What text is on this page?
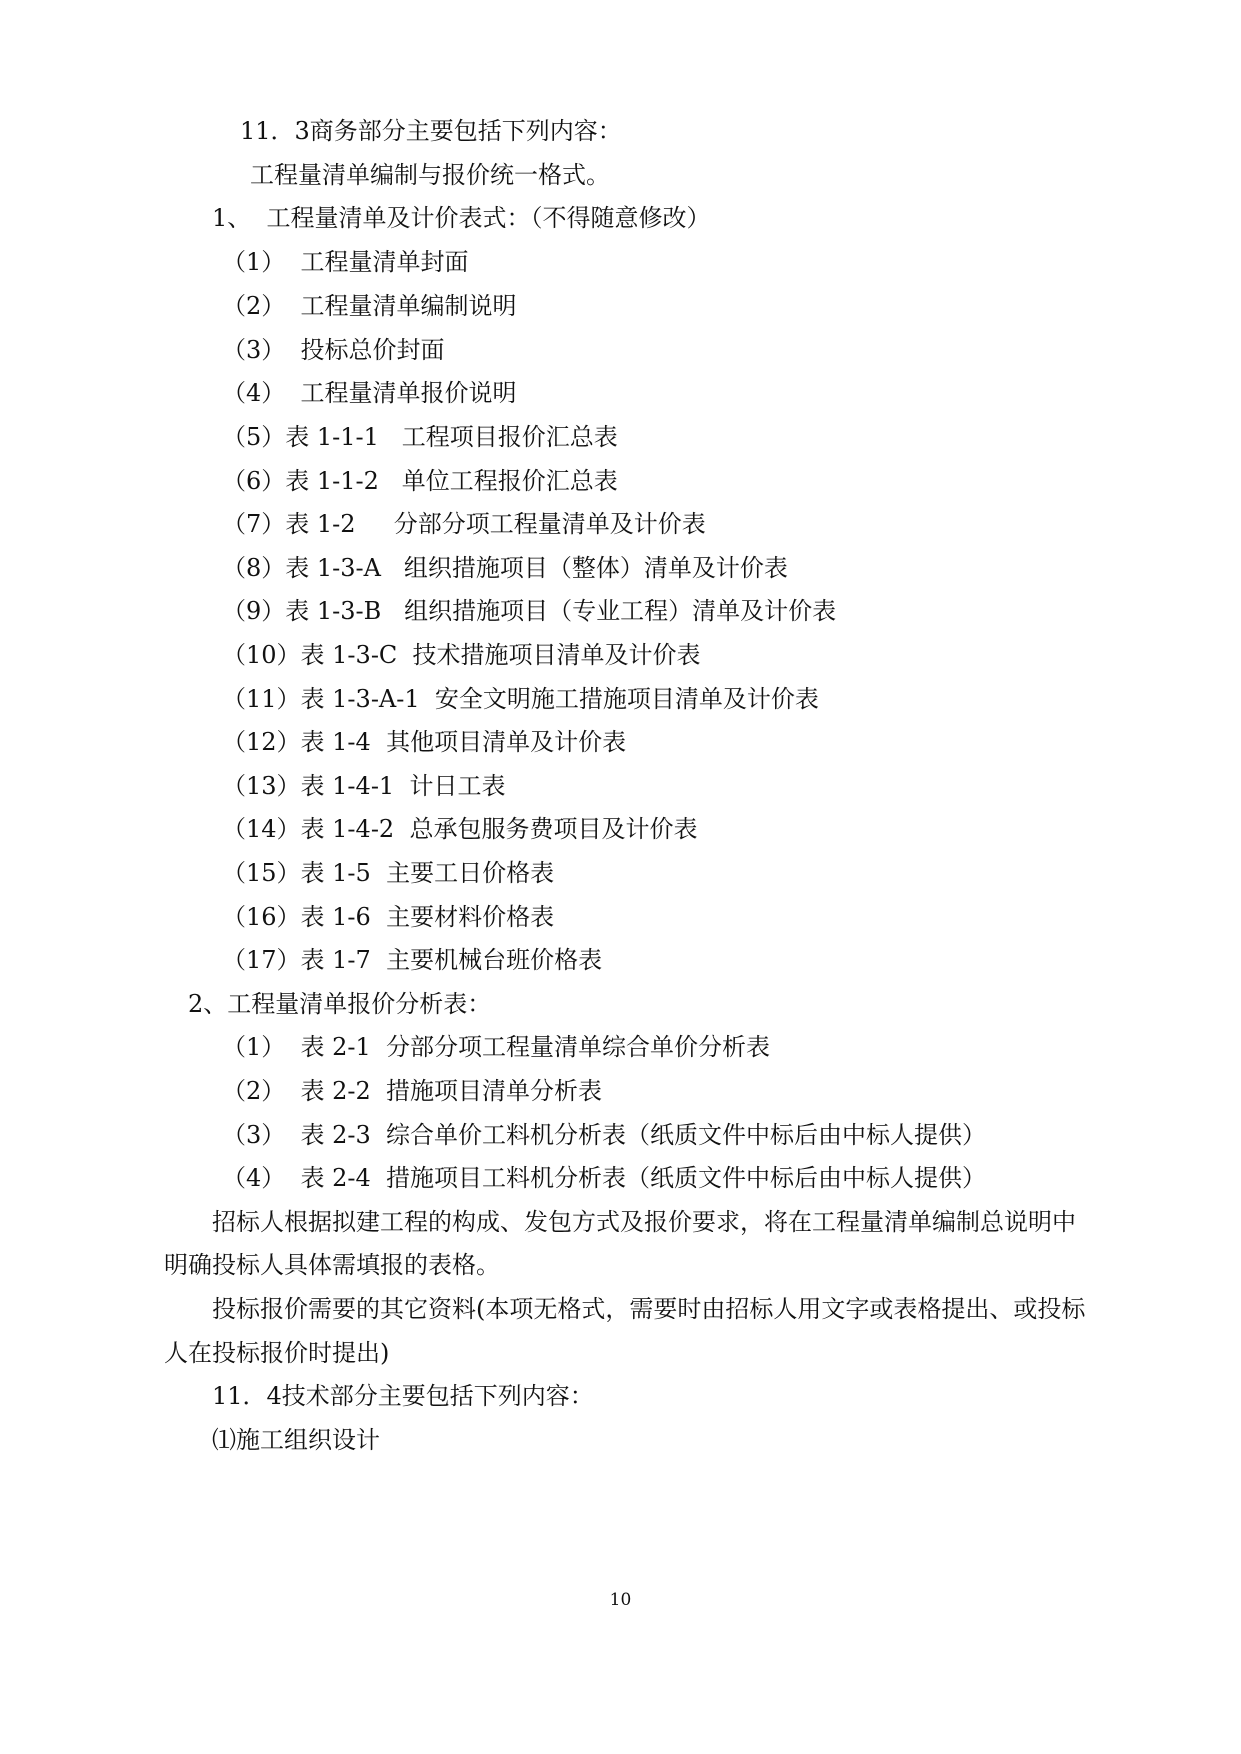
11．3商务部分主要包括下列内容：
工程量清单编制与报价统一格式。
1、  工程量清单及计价表式：（不得随意修改）
（1）  工程量清单封面
（2）  工程量清单编制说明
（3）  投标总价封面
（4）  工程量清单报价说明
（5）表 1-1-1   工程项目报价汇总表
（6）表 1-1-2   单位工程报价汇总表
（7）表 1-2     分部分项工程量清单及计价表
（8）表 1-3-A   组织措施项目（整体）清单及计价表
（9）表 1-3-B   组织措施项目（专业工程）清单及计价表
（10）表 1-3-C  技术措施项目清单及计价表
（11）表 1-3-A-1  安全文明施工措施项目清单及计价表
（12）表 1-4  其他项目清单及计价表
（13）表 1-4-1  计日工表
（14）表 1-4-2  总承包服务费项目及计价表
（15）表 1-5  主要工日价格表
（16）表 1-6  主要材料价格表
（17）表 1-7  主要机械台班价格表
2、工程量清单报价分析表：
（1）  表 2-1  分部分项工程量清单综合单价分析表
（2）  表 2-2  措施项目清单分析表
（3）  表 2-3  综合单价工料机分析表（纸质文件中标后由中标人提供）
（4）  表 2-4  措施项目工料机分析表（纸质文件中标后由中标人提供）
招标人根据拟建工程的构成、发包方式及报价要求，将在工程量清单编制总说明中
明确投标人具体需填报的表格。
投标报价需要的其它资料(本项无格式，需要时由招标人用文字或表格提出、或投标
人在投标报价时提出)
11．4技术部分主要包括下列内容：
⑴施工组织设计
10
